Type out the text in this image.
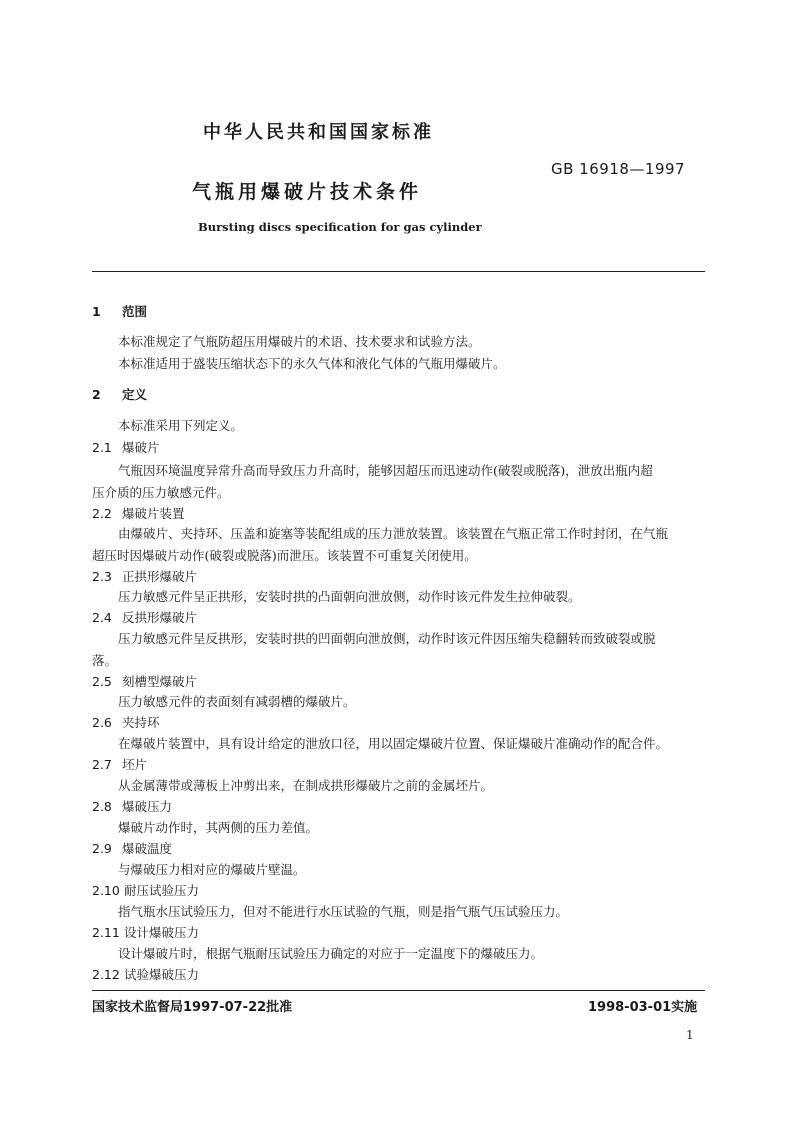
中华人民共和国国家标准
GB 16918—1997
气瓶用爆破片技术条件
Bursting discs specification for gas cylinder
1 范围
本标准规定了气瓶防超压用爆破片的术语、技术要求和试验方法。
本标准适用于盛装压缩状态下的永久气体和液化气体的气瓶用爆破片。
2 定义
本标准采用下列定义。
2.1 爆破片
气瓶因环境温度异常升高而导致压力升高时，能够因超压而迅速动作(破裂或脱落)，泄放出瓶内超
压介质的压力敏感元件。
2.2 爆破片装置
由爆破片、夹持环、压盖和旋塞等装配组成的压力泄放装置。该装置在气瓶正常工作时封闭，在气瓶
超压时因爆破片动作(破裂或脱落)而泄压。该装置不可重复关闭使用。
2.3 正拱形爆破片
压力敏感元件呈正拱形，安装时拱的凸面朝向泄放侧，动作时该元件发生拉伸破裂。
2.4 反拱形爆破片
压力敏感元件呈反拱形，安装时拱的凹面朝向泄放侧，动作时该元件因压缩失稳翻转而致破裂或脱
落。
2.5 刻槽型爆破片
压力敏感元件的表面刻有减弱槽的爆破片。
2.6 夹持环
在爆破片装置中，具有设计给定的泄放口径，用以固定爆破片位置、保证爆破片准确动作的配合件。
2.7 坯片
从金属薄带或薄板上冲剪出来，在制成拱形爆破片之前的金属坯片。
2.8 爆破压力
爆破片动作时，其两侧的压力差值。
2.9 爆破温度
与爆破压力相对应的爆破片壁温。
2.10 耐压试验压力
指气瓶水压试验压力，但对不能进行水压试验的气瓶，则是指气瓶气压试验压力。
2.11 设计爆破压力
设计爆破片时，根据气瓶耐压试验压力确定的对应于一定温度下的爆破压力。
2.12 试验爆破压力
国家技术监督局1997-07-22批准	1998-03-01实施
1
